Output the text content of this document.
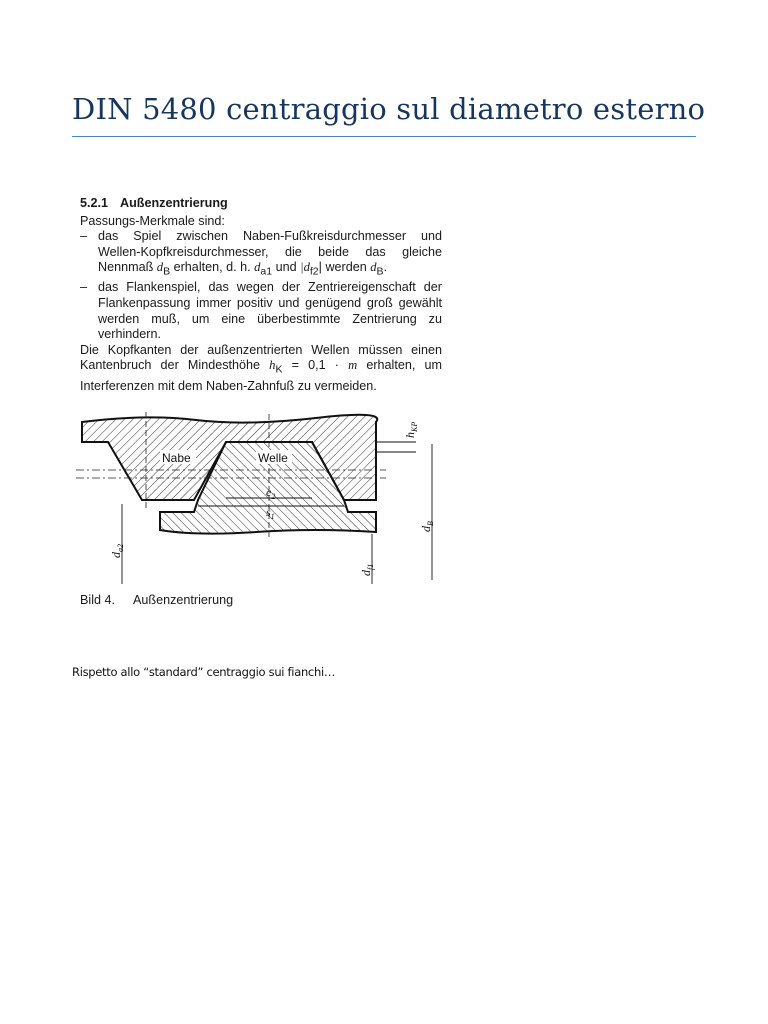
DIN 5480 centraggio sul diametro esterno
5.2.1 Außenzentrierung
Passungs-Merkmale sind:
– das Spiel zwischen Naben-Fußkreisdurchmesser und Wellen-Kopfkreisdurchmesser, die beide das gleiche Nennmaß $d_B$ erhalten, d. h. $d_{a1}$ und $|d_{f2}|$ werden $d_B$.
– das Flankenspiel, das wegen der Zentriereigenschaft der Flankenpassung immer positiv und genügend groß gewählt werden muß, um eine überbestimmte Zentrierung zu verhindern.
Die Kopfkanten der außenzentrierten Wellen müssen einen Kantenbruch der Mindesthöhe $h_K = 0,1 \cdot m$ erhalten, um Interferenzen mit dem Naben-Zahnfuß zu vermeiden.
Nabe	Welle
$e_2$
$s_1$
$h_{KP}$
$d_B$
$d_{a2}$
$d_{f1}$
Bild 4. Außenzentrierung
Rispetto allo “standard” centraggio sui fianchi…
